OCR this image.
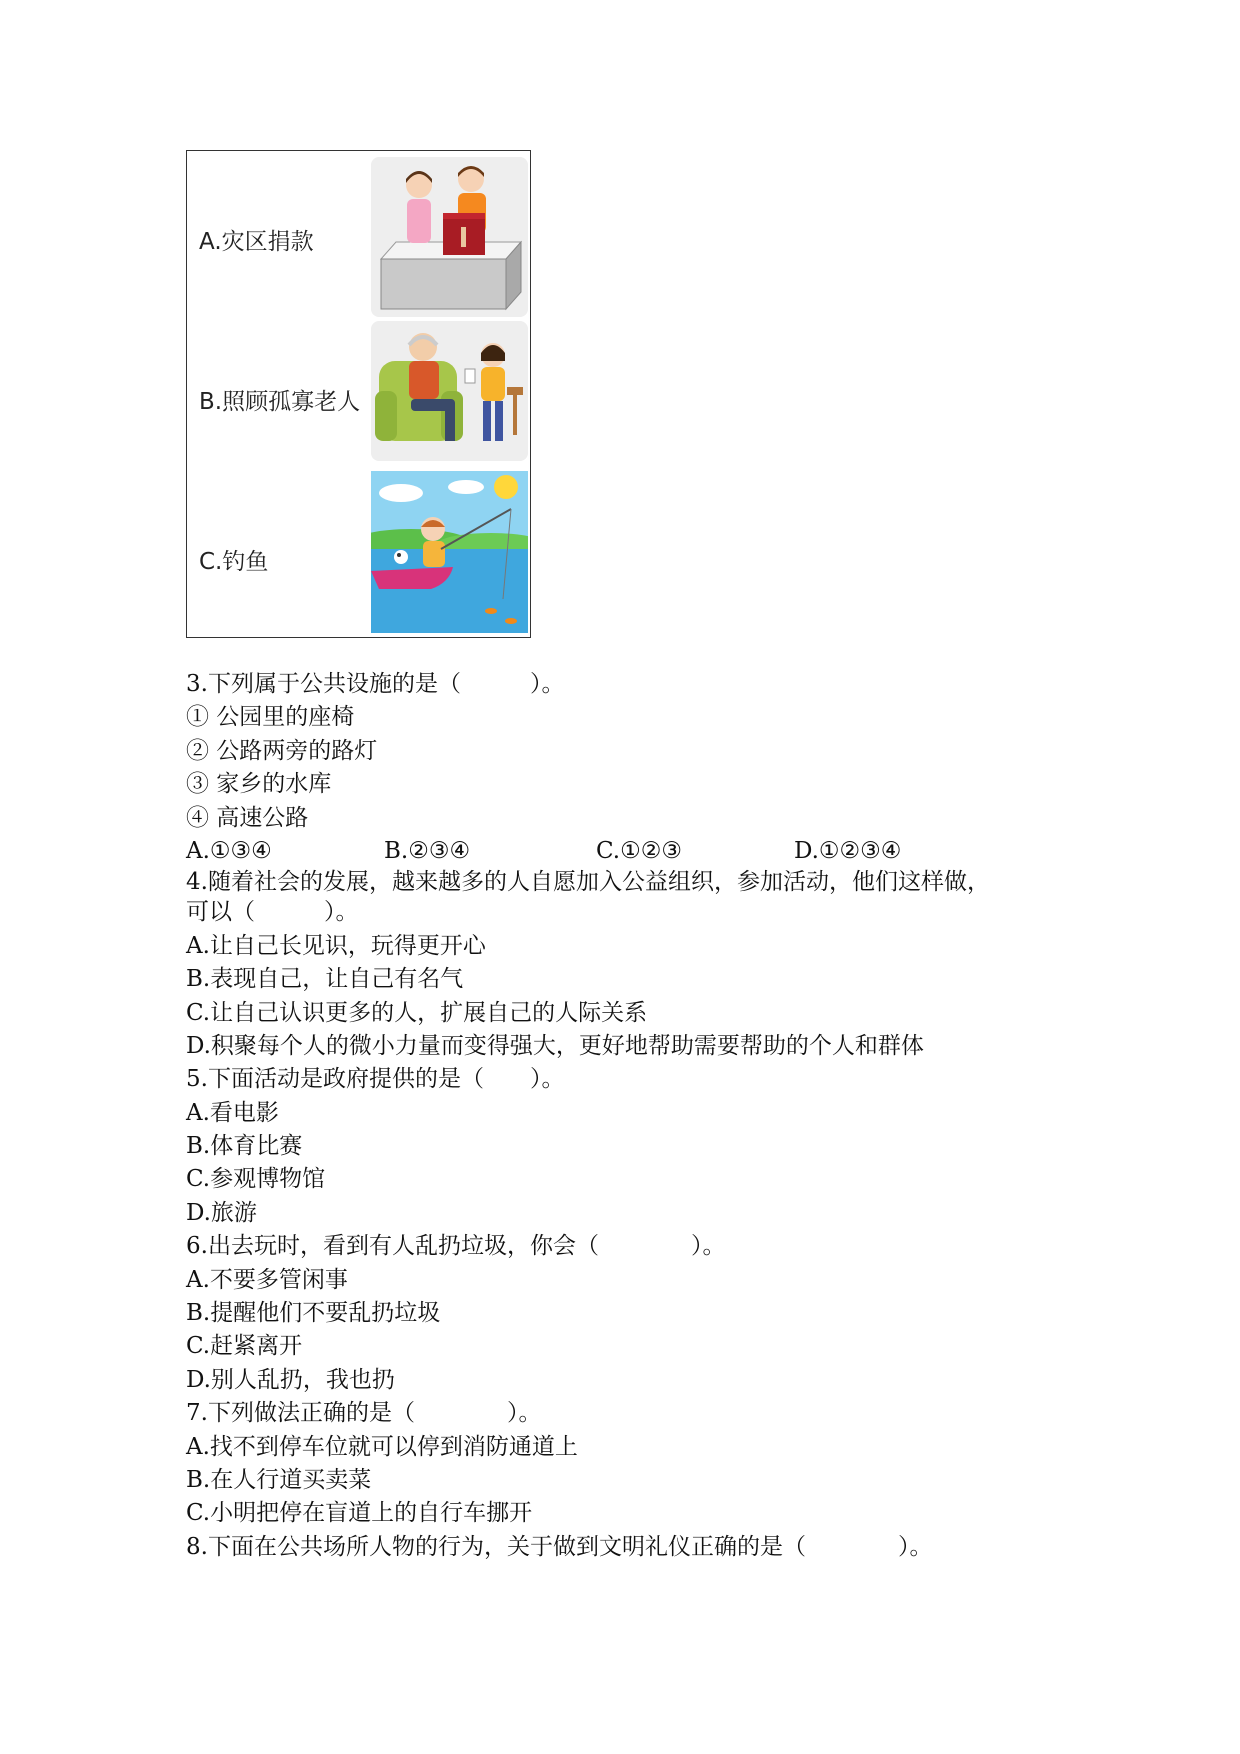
A.灾区捐款
B.照顾孤寡老人
C.钓鱼
3.下列属于公共设施的是（　　　）。
① 公园里的座椅
② 公路两旁的路灯
③ 家乡的水库
④ 高速公路
A.①③④	B.②③④	C.①②③	D.①②③④
4.随着社会的发展，越来越多的人自愿加入公益组织，参加活动，他们这样做，
可以（　　　）。
A.让自己长见识，玩得更开心
B.表现自己，让自己有名气
C.让自己认识更多的人，扩展自己的人际关系
D.积聚每个人的微小力量而变得强大，更好地帮助需要帮助的个人和群体
5.下面活动是政府提供的是（　　）。
A.看电影
B.体育比赛
C.参观博物馆
D.旅游
6.出去玩时，看到有人乱扔垃圾，你会（　　　　）。
A.不要多管闲事
B.提醒他们不要乱扔垃圾
C.赶紧离开
D.别人乱扔，我也扔
7.下列做法正确的是（　　　　）。
A.找不到停车位就可以停到消防通道上
B.在人行道买卖菜
C.小明把停在盲道上的自行车挪开
8.下面在公共场所人物的行为，关于做到文明礼仪正确的是（　　　　）。
